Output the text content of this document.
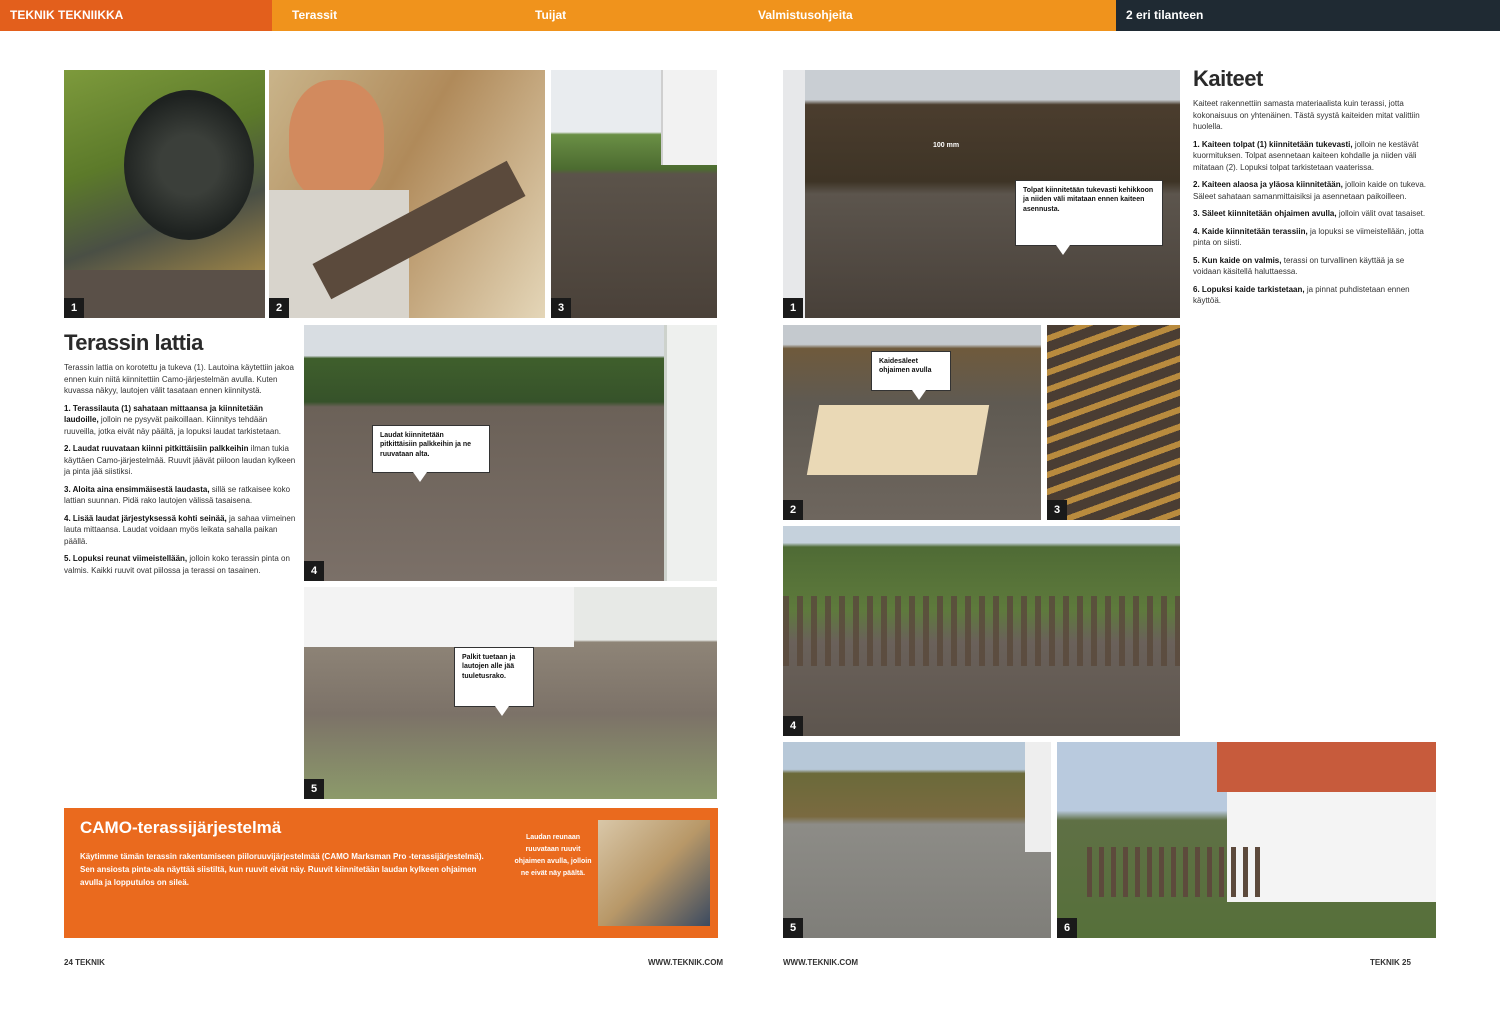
TEKNIK TEKNIIKKA	Terassit	Tuijat	Valmistusohjeita	2 eri tilanteen
1	2	3
Terassin lattia

Terassin lattia on korotettu ja tukeva (1). Lautoina käytettiin jakoa ennen kuin niitä kiinnitettiin Camo-järjestelmän avulla. Kuten kuvassa näkyy, lautojen välit tasataan ennen kiinnitystä.

1. Terassilauta (1) sahataan mittaansa ja kiinnitetään laudoille, jolloin ne pysyvät paikoillaan. Kiinnitys tehdään ruuveilla, jotka eivät näy päältä, ja lopuksi laudat tarkistetaan.

2. Laudat ruuvataan kiinni pitkittäisiin palkkeihin ilman tukia käyttäen Camo-järjestelmää. Ruuvit jäävät piiloon laudan kylkeen ja pinta jää siistiksi.

3. Aloita aina ensimmäisestä laudasta, sillä se ratkaisee koko lattian suunnan. Pidä rako lautojen välissä tasaisena.

4. Lisää laudat järjestyksessä kohti seinää, ja sahaa viimeinen lauta mittaansa. Laudat voidaan myös leikata sahalla paikan päällä.

5. Lopuksi reunat viimeistellään, jolloin koko terassin pinta on valmis. Kaikki ruuvit ovat piilossa ja terassi on tasainen.

Laudat kiinnitetään pitkittäisiin palkkeihin ja ne ruuvataan alta.
4
Palkit tuetaan ja lautojen alle jää tuuletusrako.
5
CAMO-terassijärjestelmä
Käytimme tämän terassin rakentamiseen piiloruuvijärjestelmää (CAMO Marksman Pro -terassijärjestelmä). Sen ansiosta pinta-ala näyttää siistiltä, kun ruuvit eivät näy. Ruuvit kiinnitetään laudan kylkeen ohjaimen avulla ja lopputulos on sileä.
Laudan reunaan ruuvataan ruuvit ohjaimen avulla, jolloin ne eivät näy päältä.
24 TEKNIK	WWW.TEKNIK.COM
100 mm
Tolpat kiinnitetään tukevasti kehikkoon ja niiden väli mitataan ennen kaiteen asennusta.
1
Kaiteet

Kaiteet rakennettiin samasta materiaalista kuin terassi, jotta kokonaisuus on yhtenäinen. Tästä syystä kaiteiden mitat valittiin huolella.

1. Kaiteen tolpat (1) kiinnitetään tukevasti, jolloin ne kestävät kuormituksen. Tolpat asennetaan kaiteen kohdalle ja niiden väli mitataan (2). Lopuksi tolpat tarkistetaan vaaterissa.

2. Kaiteen alaosa ja yläosa kiinnitetään, jolloin kaide on tukeva. Säleet sahataan samanmittaisiksi ja asennetaan paikoilleen.

3. Säleet kiinnitetään ohjaimen avulla, jolloin välit ovat tasaiset.

4. Kaide kiinnitetään terassiin, ja lopuksi se viimeistellään, jotta pinta on siisti.

5. Kun kaide on valmis, terassi on turvallinen käyttää ja se voidaan käsitellä haluttaessa.

6. Lopuksi kaide tarkistetaan, ja pinnat puhdistetaan ennen käyttöä.

Kaidesäleet ohjaimen avulla
2	3
4
5	6
WWW.TEKNIK.COM	TEKNIK 25
